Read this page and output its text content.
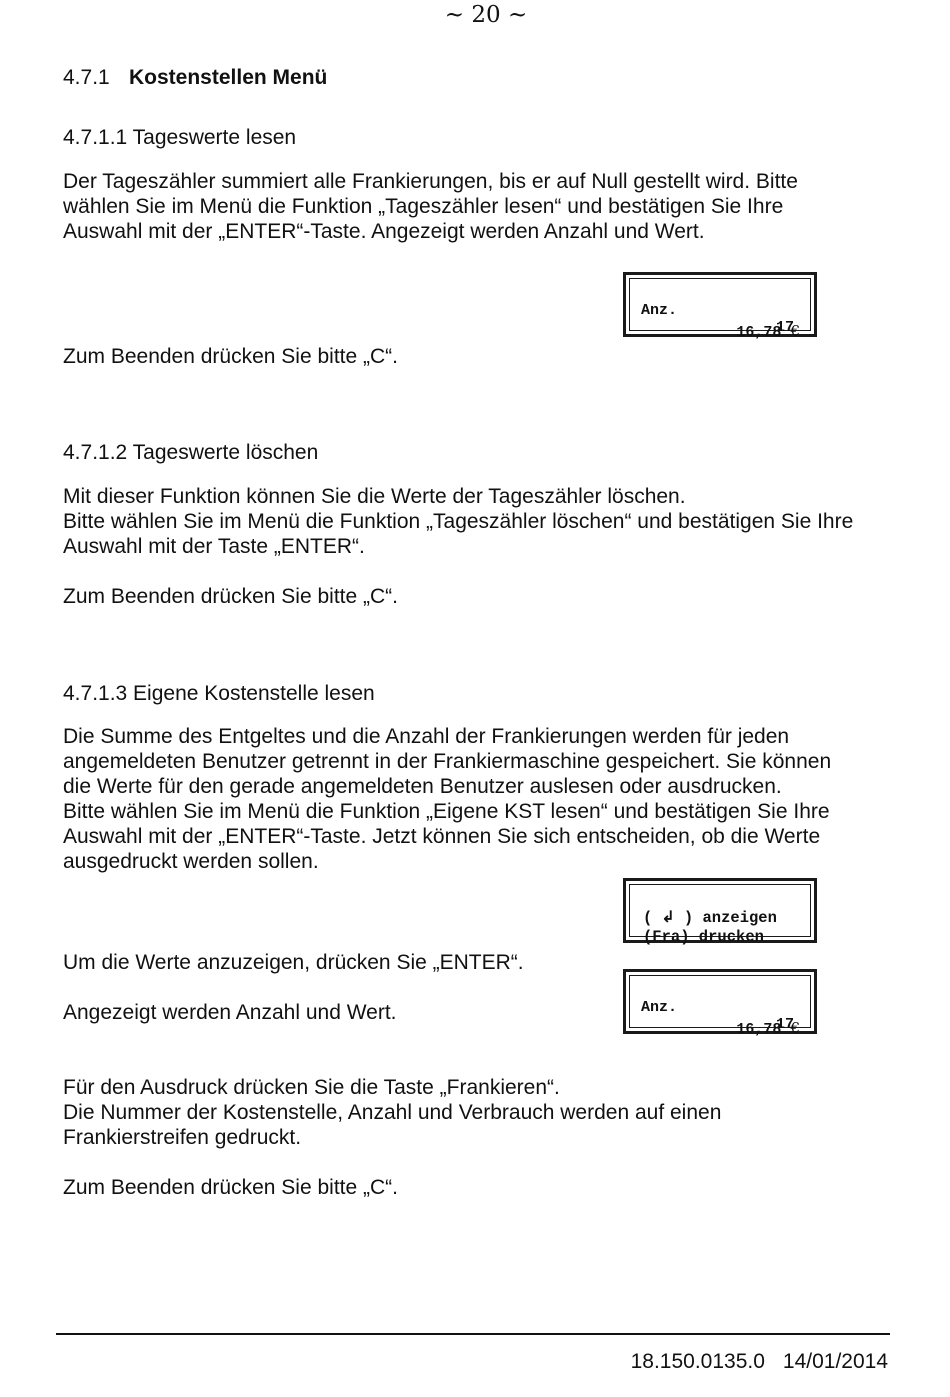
~ 20 ~
4.7.1 Kostenstellen Menü
4.7.1.1 Tageswerte lesen
Der Tageszähler summiert alle Frankierungen, bis er auf Null gestellt wird. Bitte
wählen Sie im Menü die Funktion „Tageszähler lesen“ und bestätigen Sie Ihre
Auswahl mit der „ENTER“-Taste. Angezeigt werden Anzahl und Wert.

Anz.

17

16,78 €

Zum Beenden drücken Sie bitte „C“.
4.7.1.2 Tageswerte löschen
Mit dieser Funktion können Sie die Werte der Tageszähler löschen.
Bitte wählen Sie im Menü die Funktion „Tageszähler löschen“ und bestätigen Sie Ihre
Auswahl mit der Taste „ENTER“.
Zum Beenden drücken Sie bitte „C“.
4.7.1.3 Eigene Kostenstelle lesen
Die Summe des Entgeltes und die Anzahl der Frankierungen werden für jeden
angemeldeten Benutzer getrennt in der Frankiermaschine gespeichert. Sie können
die Werte für den gerade angemeldeten Benutzer auslesen oder ausdrucken.
Bitte wählen Sie im Menü die Funktion „Eigene KST lesen“ und bestätigen Sie Ihre
Auswahl mit der „ENTER“-Taste. Jetzt können Sie sich entscheiden, ob die Werte
ausgedruckt werden sollen.

( ↲ ) anzeigen

(Fra) drucken

Um die Werte anzuzeigen, drücken Sie „ENTER“.

Anz.

17

16,78 €

Angezeigt werden Anzahl und Wert.
Für den Ausdruck drücken Sie die Taste „Frankieren“.
Die Nummer der Kostenstelle, Anzahl und Verbrauch werden auf einen
Frankierstreifen gedruckt.
Zum Beenden drücken Sie bitte „C“.
18.150.0135.0 14/01/2014
